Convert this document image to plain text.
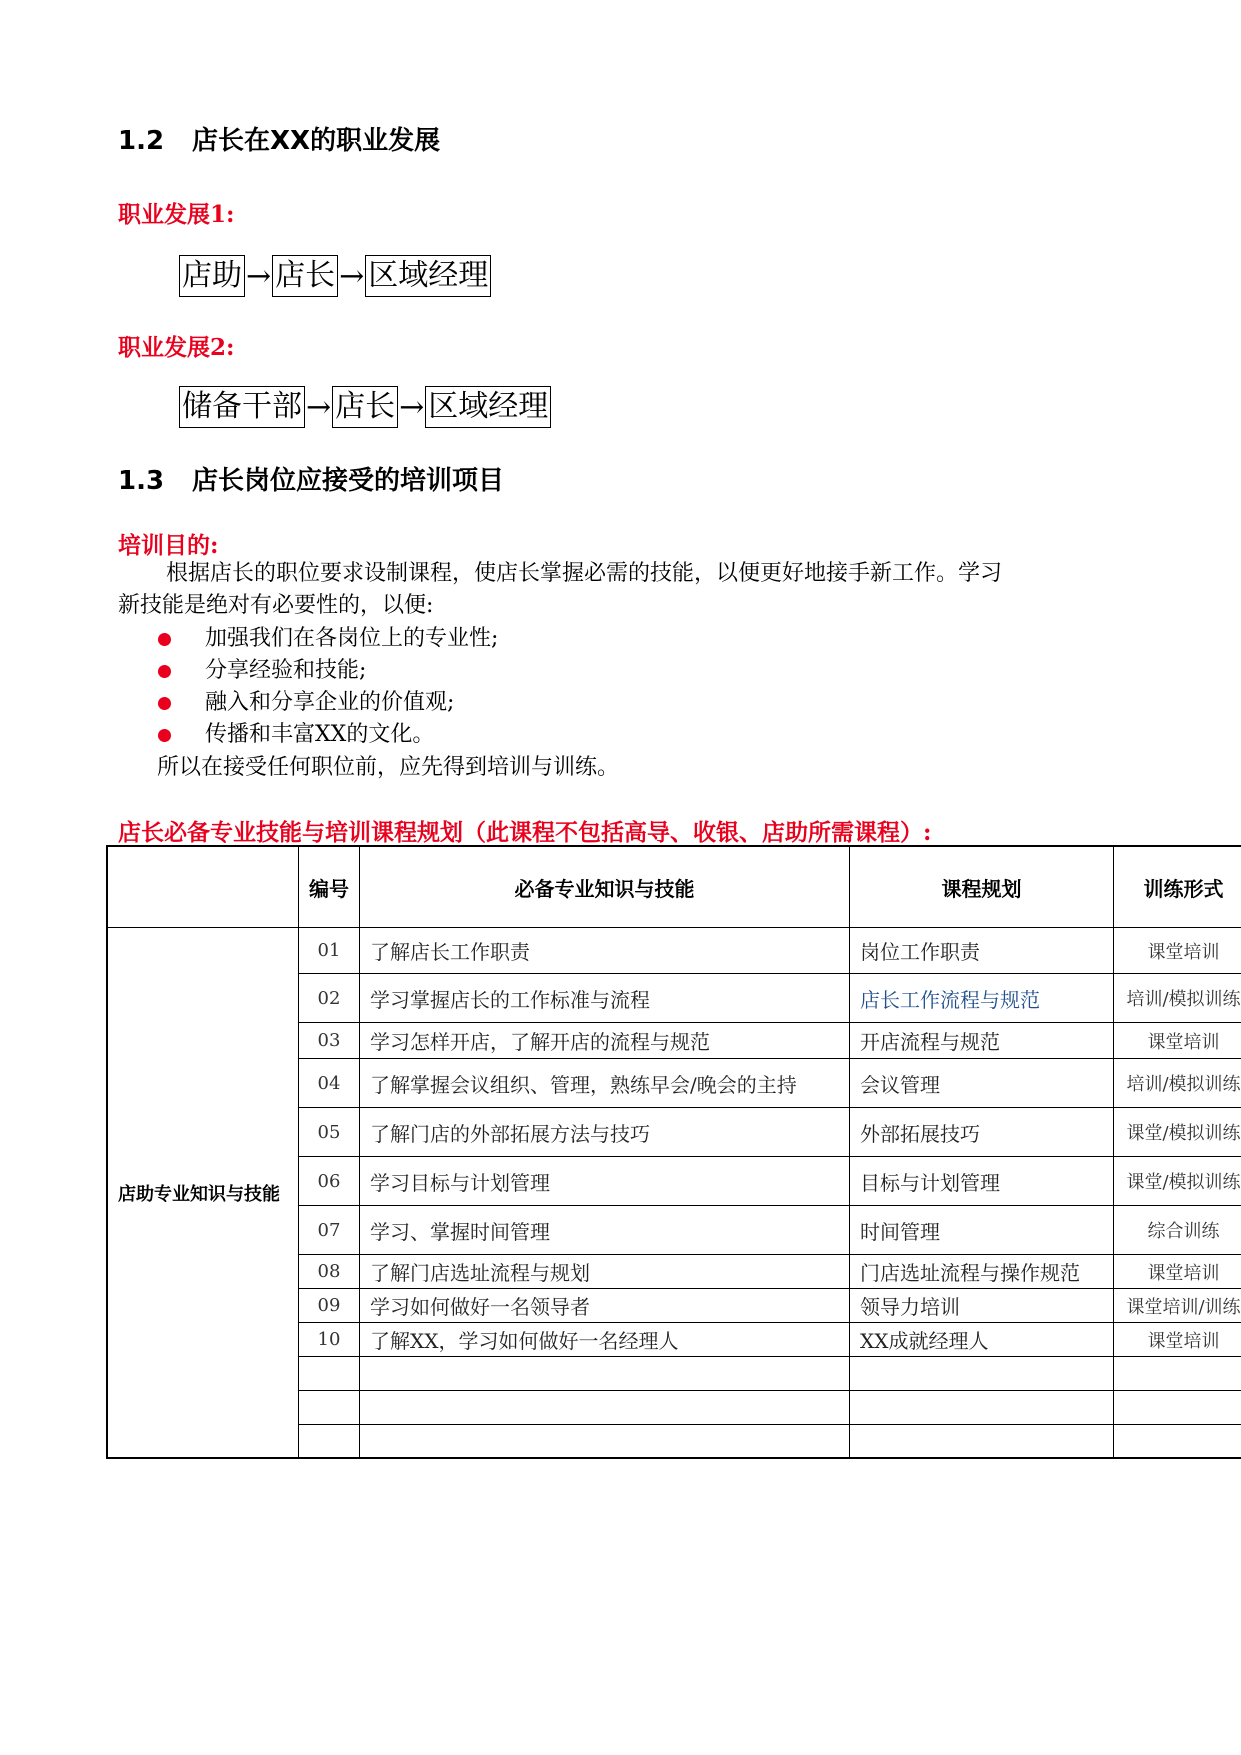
1.2 店长在XX的职业发展
职业发展1:
店助 → 店长 → 区域经理
职业发展2:
储备干部 → 店长 → 区域经理
1.3 店长岗位应接受的培训项目
培训目的:
根据店长的职位要求设制课程，使店长掌握必需的技能，以便更好地接手新工作。学习
新技能是绝对有必要性的，以便:
加强我们在各岗位上的专业性;
分享经验和技能;
融入和分享企业的价值观;
传播和丰富XX的文化。
所以在接受任何职位前，应先得到培训与训练。
店长必备专业技能与培训课程规划（此课程不包括高导、收银、店助所需课程）:
编号	必备专业知识与技能	课程规划	训练形式
店助专业知识与技能
01	了解店长工作职责	岗位工作职责	课堂培训
02	学习掌握店长的工作标准与流程	店长工作流程与规范	培训/模拟训练
03	学习怎样开店，了解开店的流程与规范	开店流程与规范	课堂培训
04	了解掌握会议组织、管理，熟练早会/晚会的主持	会议管理	培训/模拟训练
05	了解门店的外部拓展方法与技巧	外部拓展技巧	课堂/模拟训练
06	学习目标与计划管理	目标与计划管理	课堂/模拟训练
07	学习、掌握时间管理	时间管理	综合训练
08	了解门店选址流程与规划	门店选址流程与操作规范	课堂培训
09	学习如何做好一名领导者	领导力培训	课堂培训/训练
10	了解XX，学习如何做好一名经理人	XX成就经理人	课堂培训
